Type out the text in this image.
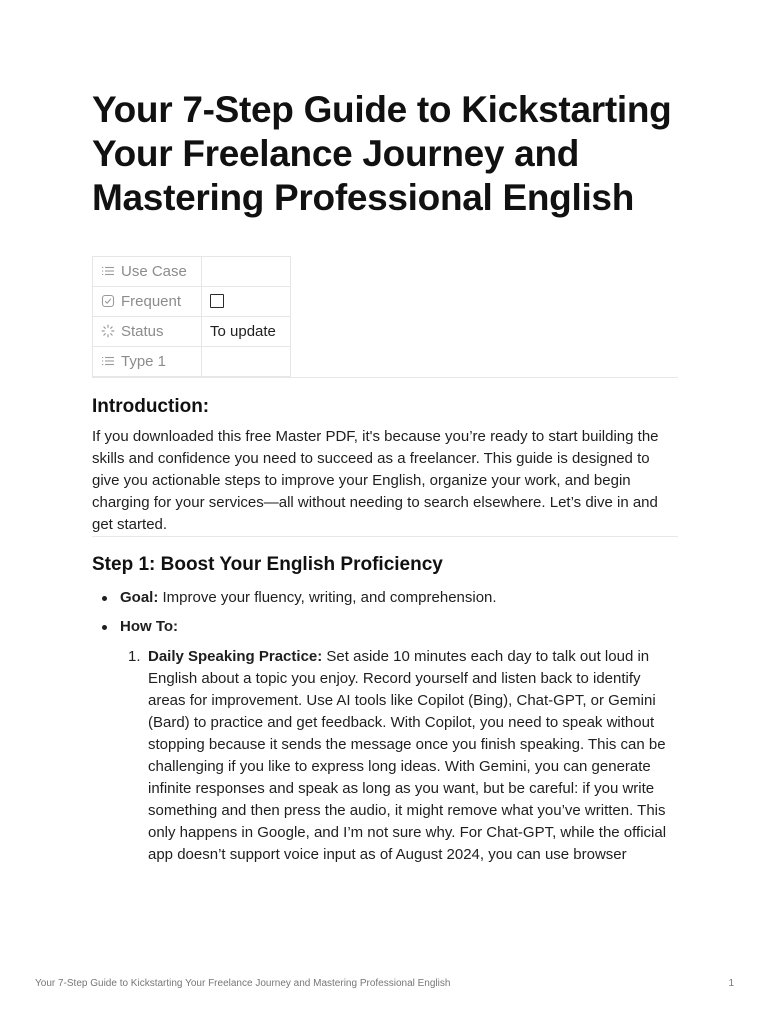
Your 7-Step Guide to Kickstarting Your Freelance Journey and Mastering Professional English
Use Case	
Frequent	
Status	To update
Type 1	
Introduction:

If you downloaded this free Master PDF, it's because you’re ready to start building the skills and confidence you need to succeed as a freelancer. This guide is designed to give you actionable steps to improve your English, organize your work, and begin charging for your services—all without needing to search elsewhere. Let’s dive in and get started.

Step 1: Boost Your English Proficiency
Goal: Improve your fluency, writing, and comprehension.
How To:
1. Daily Speaking Practice: Set aside 10 minutes each day to talk out loud in English about a topic you enjoy. Record yourself and listen back to identify areas for improvement. Use AI tools like Copilot (Bing), Chat-GPT, or Gemini (Bard) to practice and get feedback. With Copilot, you need to speak without stopping because it sends the message once you finish speaking. This can be challenging if you like to express long ideas. With Gemini, you can generate infinite responses and speak as long as you want, but be careful: if you write something and then press the audio, it might remove what you’ve written. This only happens in Google, and I’m not sure why. For Chat-GPT, while the official app doesn’t support voice input as of August 2024, you can use browser
Your 7-Step Guide to Kickstarting Your Freelance Journey and Mastering Professional English	1
